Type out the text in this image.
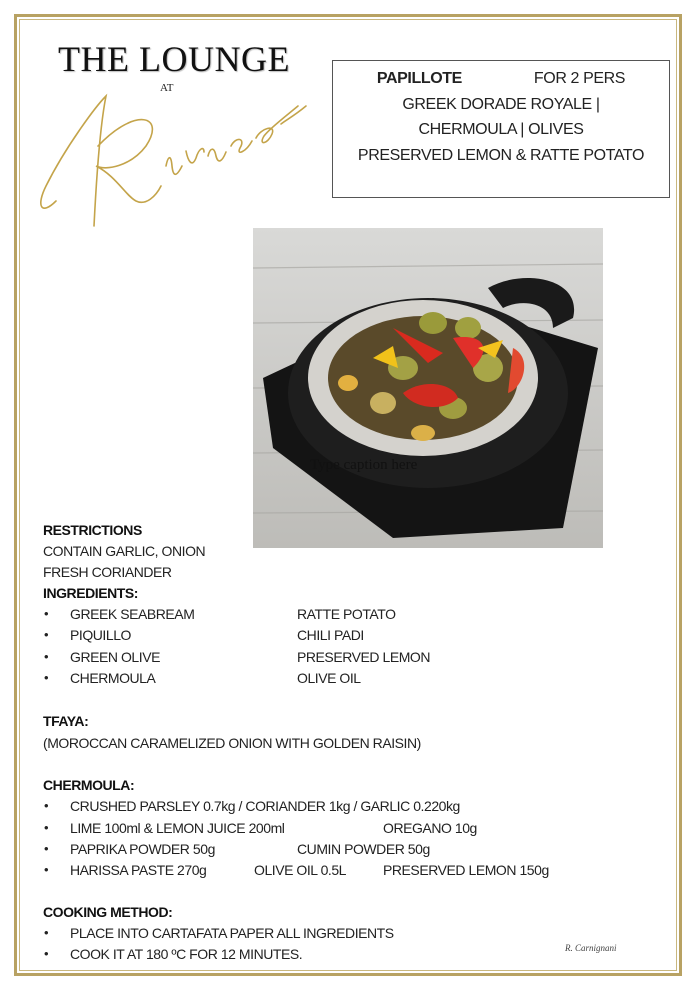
THE LOUNGE
AT
PAPILLOTE	FOR 2 PERS
GREEK DORADE ROYALE |
CHERMOULA | OLIVES
PRESERVED LEMON & RATTE POTATO
Type caption here
RESTRICTIONS
CONTAIN GARLIC, ONION
FRESH CORIANDER
INGREDIENTS:
• GREEK SEABREAM	RATTE POTATO
• PIQUILLO	CHILI PADI
• GREEN OLIVE	PRESERVED LEMON
• CHERMOULA	OLIVE OIL
TFAYA:
(MOROCCAN CARAMELIZED ONION WITH GOLDEN RAISIN)
CHERMOULA:
• CRUSHED PARSLEY 0.7kg / CORIANDER 1kg / GARLIC 0.220kg
• LIME 100ml & LEMON JUICE 200ml	OREGANO 10g
• PAPRIKA POWDER 50g	CUMIN POWDER 50g
• HARISSA PASTE 270g	OLIVE OIL 0.5L	PRESERVED LEMON 150g
COOKING METHOD:
• PLACE INTO CARTAFATA PAPER ALL INGREDIENTS
• COOK IT AT 180 ºC FOR 12 MINUTES.	R. Carnignani
